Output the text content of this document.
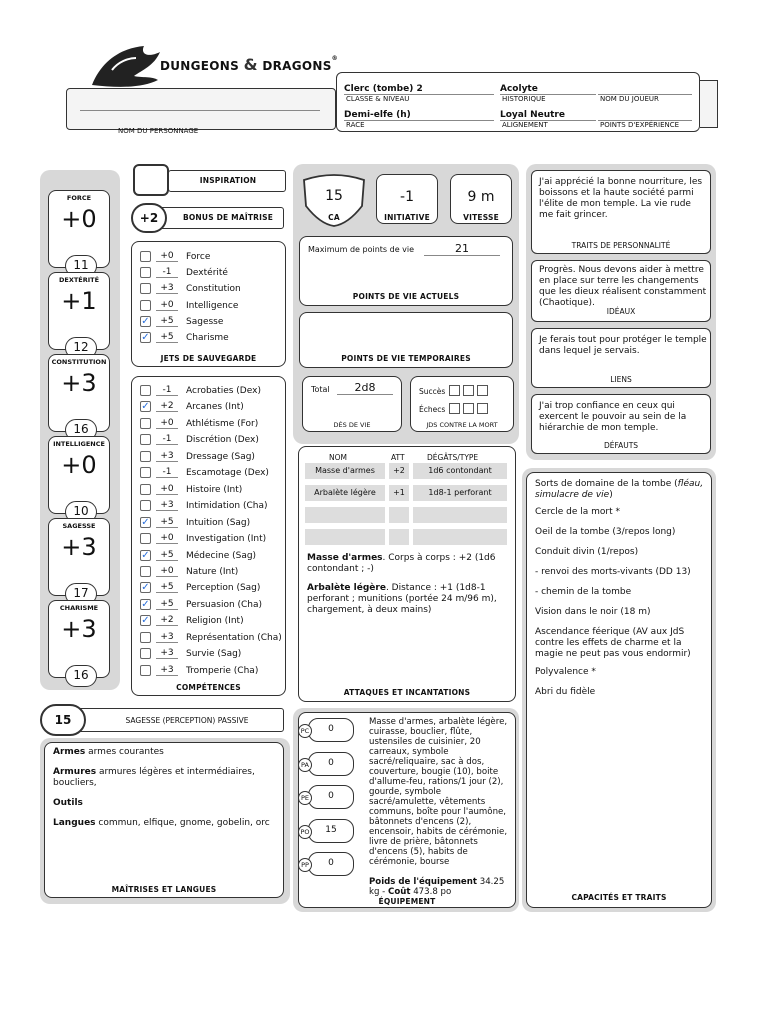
DUNGEONS & DRAGONS®
NOM DU PERSONNAGE
Clerc (tombe) 2
CLASSE & NIVEAU
Acolyte
HISTORIQUE	NOM DU JOUEUR
Demi-elfe (h)
RACE
Loyal Neutre
ALIGNEMENT	POINTS D'EXPÉRIENCE
FORCE
+0
11
DEXTÉRITÉ
+1
12
CONSTITUTION
+3
16
INTELLIGENCE
+0
10
SAGESSE
+3
17
CHARISME
+3
16
INSPIRATION
BONUS DE MAÎTRISE
+2
+0	Force
-1	Dextérité
+3	Constitution
+0	Intelligence
✓	+5	Sagesse
✓	+5	Charisme
JETS DE SAUVEGARDE
-1	Acrobaties (Dex)
✓	+2	Arcanes (Int)
+0	Athlétisme (For)
-1	Discrétion (Dex)
+3	Dressage (Sag)
-1	Escamotage (Dex)
+0	Histoire (Int)
+3	Intimidation (Cha)
✓	+5	Intuition (Sag)
+0	Investigation (Int)
✓	+5	Médecine (Sag)
+0	Nature (Int)
✓	+5	Perception (Sag)
✓	+5	Persuasion (Cha)
✓	+2	Religion (Int)
+3	Représentation (Cha)
+3	Survie (Sag)
+3	Tromperie (Cha)
COMPÉTENCES
SAGESSE (PERCEPTION) PASSIVE
15
Armes armes courantes
Armures armures légères et intermédiaires, boucliers,
Outils
Langues commun, elfique, gnome, gobelin, orc
MAÎTRISES ET LANGUES
15
CA
-1
INITIATIVE
9 m
VITESSE
Maximum de points de vie	21
POINTS DE VIE ACTUELS
POINTS DE VIE TEMPORAIRES
Total	2d8
DÉS DE VIE
Succès
Échecs
JDS CONTRE LA MORT
NOM	ATT	DÉGÂTS/TYPE
Masse d'armes	+2	1d6 contondant
Arbalète légère	+1	1d8-1 perforant
Masse d'armes. Corps à corps : +2 (1d6 contondant ; -)
Arbalète légère. Distance : +1 (1d8-1 perforant ; munitions (portée 24 m/96 m), chargement, à deux mains)
ATTAQUES ET INCANTATIONS
Masse d'armes, arbalète légère, cuirasse, bouclier, flûte, ustensiles de cuisinier, 20 carreaux, symbole sacré/reliquaire, sac à dos, couverture, bougie (10), boite d'allume-feu, rations/1 jour (2), gourde, symbole sacré/amulette, vêtements communs, boîte pour l'aumône, bâtonnets d'encens (2), encensoir, habits de cérémonie, livre de prière, bâtonnets d'encens (5), habits de cérémonie, bourse
Poids de l'équipement 34.25 kg - Coût 473.8 po
ÉQUIPEMENT
0
PC
0
PA
0
PE
15
PO
0
PP
J'ai apprécié la bonne nourriture, les boissons et la haute société parmi l'élite de mon temple. La vie rude me fait grincer.
TRAITS DE PERSONNALITÉ
Progrès. Nous devons aider à mettre en place sur terre les changements que les dieux réalisent constamment (Chaotique).
IDÉAUX
Je ferais tout pour protéger le temple dans lequel je servais.
LIENS
J'ai trop confiance en ceux qui exercent le pouvoir au sein de la hiérarchie de mon temple.
DÉFAUTS
Sorts de domaine de la tombe (fléau, simulacre de vie)
Cercle de la mort *
Oeil de la tombe (3/repos long)
Conduit divin (1/repos)
- renvoi des morts-vivants (DD 13)
- chemin de la tombe
Vision dans le noir (18 m)
Ascendance féerique (AV aux JdS contre les effets de charme et la magie ne peut pas vous endormir)
Polyvalence *
Abri du fidèle
CAPACITÉS ET TRAITS
